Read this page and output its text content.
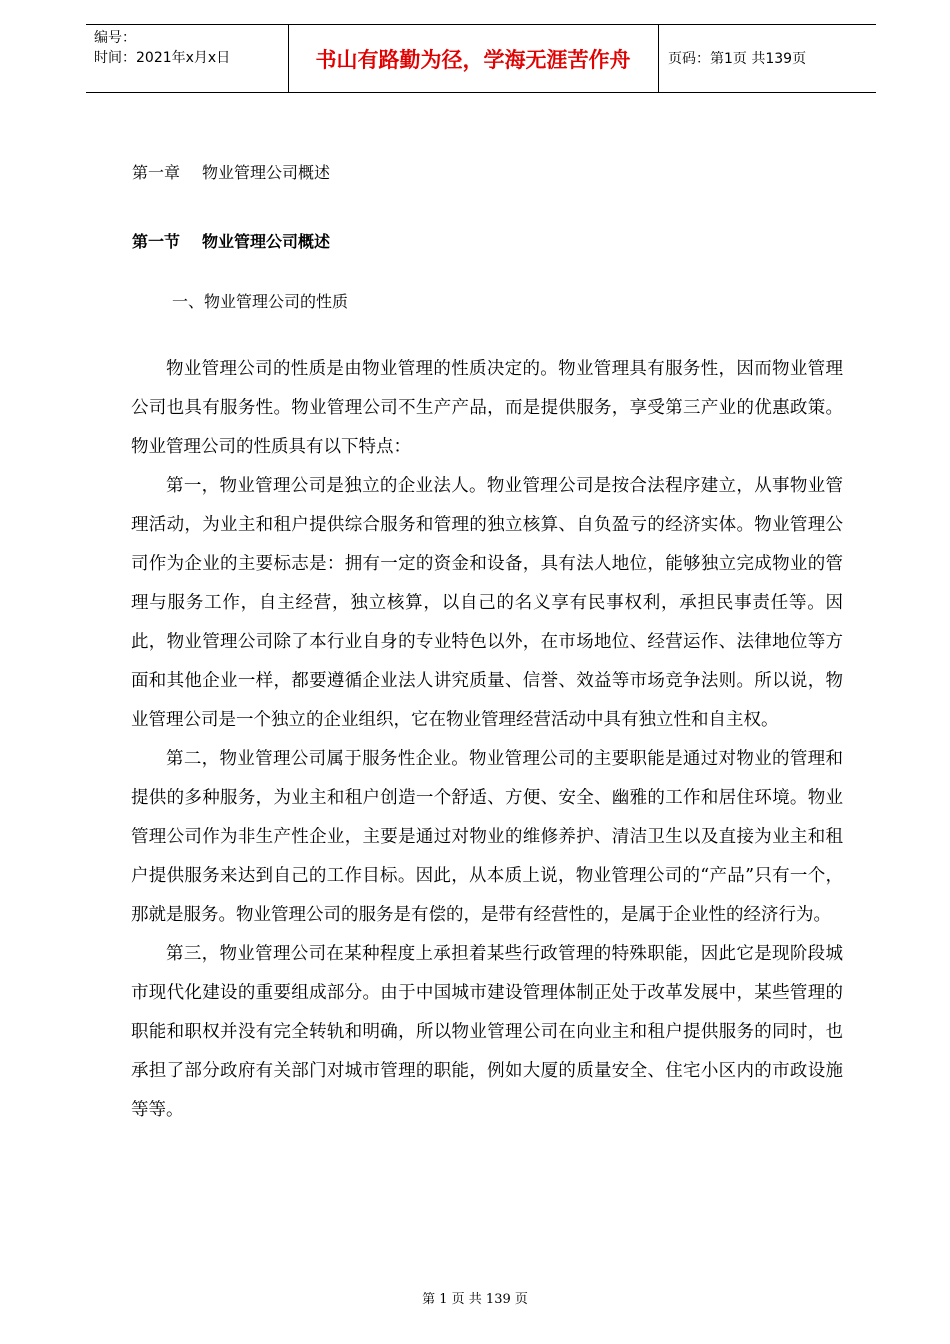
编号：
时间：2021年x月x日	书山有路勤为径，学海无涯苦作舟	页码：第1页 共139页
第一章 物业管理公司概述
第一节 物业管理公司概述
一、物业管理公司的性质

物业管理公司的性质是由物业管理的性质决定的。物业管理具有服务性，因而物业管理公司也具有服务性。物业管理公司不生产产品，而是提供服务，享受第三产业的优惠政策。物业管理公司的性质具有以下特点：

第一，物业管理公司是独立的企业法人。物业管理公司是按合法程序建立，从事物业管理活动，为业主和租户提供综合服务和管理的独立核算、自负盈亏的经济实体。物业管理公司作为企业的主要标志是：拥有一定的资金和设备，具有法人地位，能够独立完成物业的管理与服务工作，自主经营，独立核算，以自己的名义享有民事权利，承担民事责任等。因此，物业管理公司除了本行业自身的专业特色以外，在市场地位、经营运作、法律地位等方面和其他企业一样，都要遵循企业法人讲究质量、信誉、效益等市场竞争法则。所以说，物业管理公司是一个独立的企业组织，它在物业管理经营活动中具有独立性和自主权。

第二，物业管理公司属于服务性企业。物业管理公司的主要职能是通过对物业的管理和提供的多种服务，为业主和租户创造一个舒适、方便、安全、幽雅的工作和居住环境。物业管理公司作为非生产性企业，主要是通过对物业的维修养护、清洁卫生以及直接为业主和租户提供服务来达到自己的工作目标。因此，从本质上说，物业管理公司的“产品”只有一个，那就是服务。物业管理公司的服务是有偿的，是带有经营性的，是属于企业性的经济行为。

第三，物业管理公司在某种程度上承担着某些行政管理的特殊职能，因此它是现阶段城市现代化建设的重要组成部分。由于中国城市建设管理体制正处于改革发展中，某些管理的职能和职权并没有完全转轨和明确，所以物业管理公司在向业主和租户提供服务的同时，也承担了部分政府有关部门对城市管理的职能，例如大厦的质量安全、住宅小区内的市政设施等等。

第 1 页 共 139 页
